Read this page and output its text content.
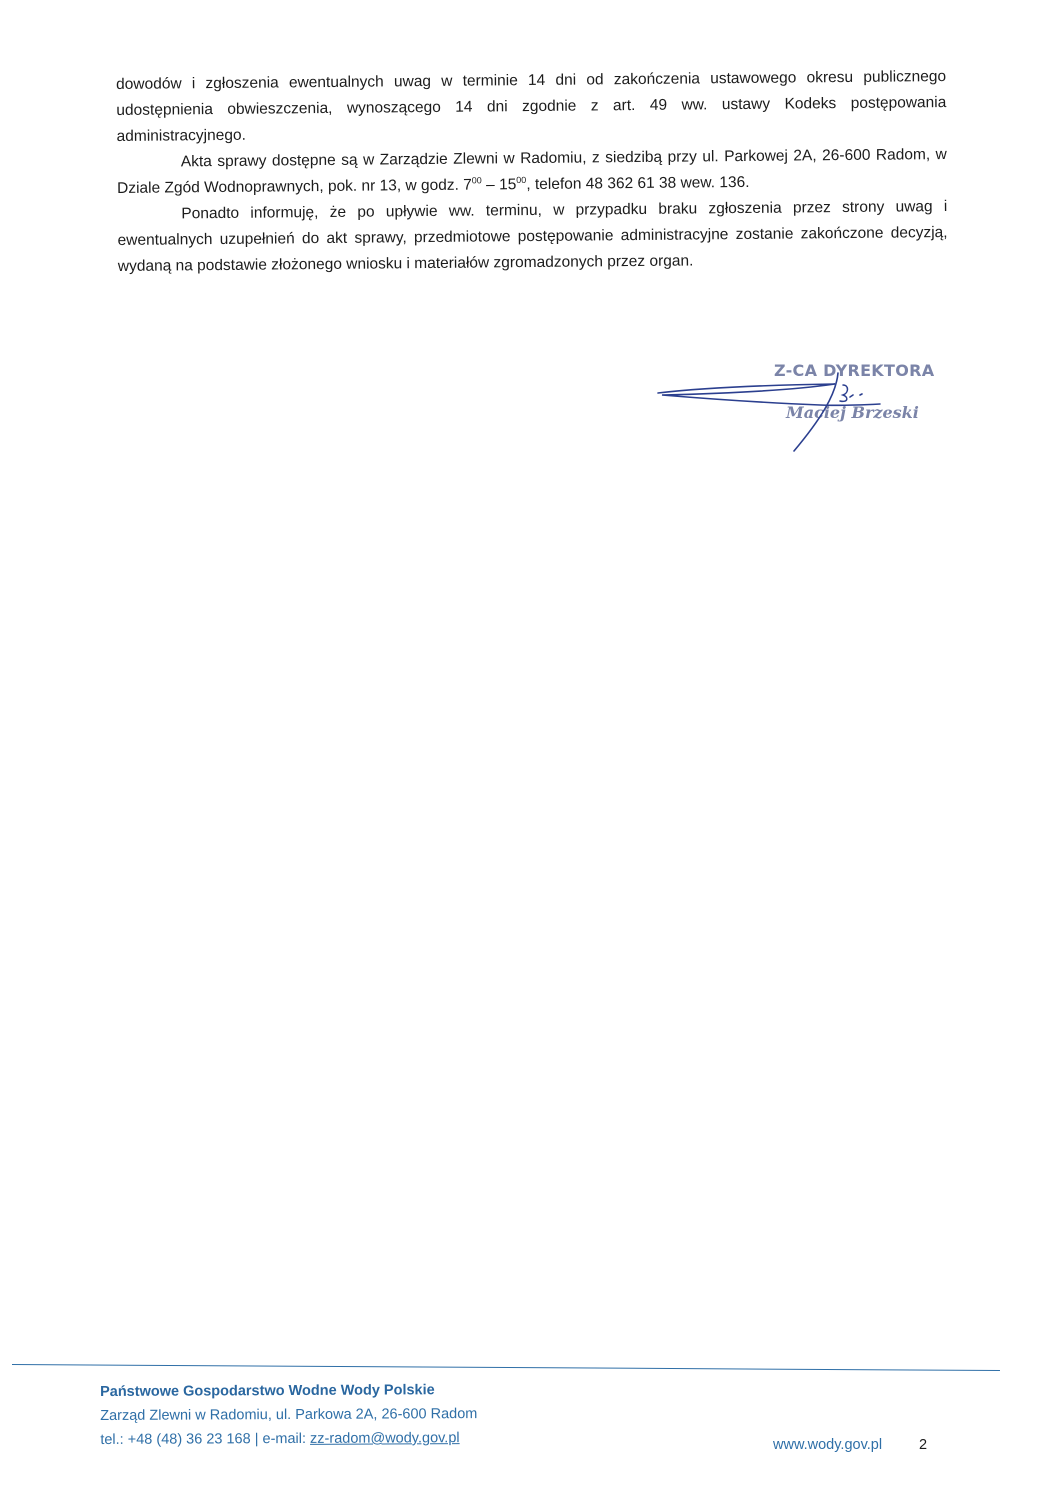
dowodów i zgłoszenia ewentualnych uwag w terminie 14 dni od zakończenia ustawowego okresu publicznego udostępnienia obwieszczenia, wynoszącego 14 dni zgodnie z art. 49 ww. ustawy Kodeks postępowania administracyjnego.

Akta sprawy dostępne są w Zarządzie Zlewni w Radomiu, z siedzibą przy ul. Parkowej 2A, 26-600 Radom, w Dziale Zgód Wodnoprawnych, pok. nr 13, w godz. $7^{00} - 15^{00}$, telefon 48 362 61 38 wew. 136.

Ponadto informuję, że po upływie ww. terminu, w przypadku braku zgłoszenia przez strony uwag i ewentualnych uzupełnień do akt sprawy, przedmiotowe postępowanie administracyjne zostanie zakończone decyzją, wydaną na podstawie złożonego wniosku i materiałów zgromadzonych przez organ.

Z-CA DYREKTORA
Maciej Brzeski
Państwowe Gospodarstwo Wodne Wody Polskie
Zarząd Zlewni w Radomiu, ul. Parkowa 2A, 26-600 Radom
tel.: +48 (48) 36 23 168 | e-mail: zz-radom@wody.gov.pl	www.wody.gov.pl	2
